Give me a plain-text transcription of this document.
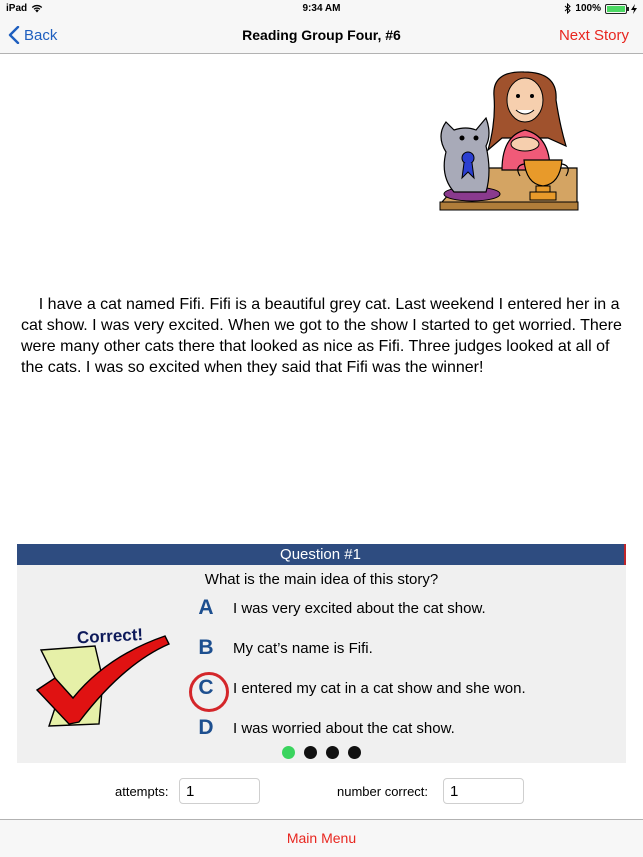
iPad	9:34 AM	100%
Back	Reading Group Four, #6	Next Story
I have a cat named Fifi. Fifi is a beautiful grey cat. Last weekend I entered her in a cat show. I was very excited. When we got to the show I started to get worried. There were many other cats there that looked as nice as Fifi. Three judges looked at all of the cats. I was so excited when they said that Fifi was the winner!
Question #1
What is the main idea of this story?
Correct!
A	I was very excited about the cat show.
B	My cat’s name is Fifi.
C	I entered my cat in a cat show and she won.
D	I was worried about the cat show.
attempts:
1	number correct:
1
Main Menu
